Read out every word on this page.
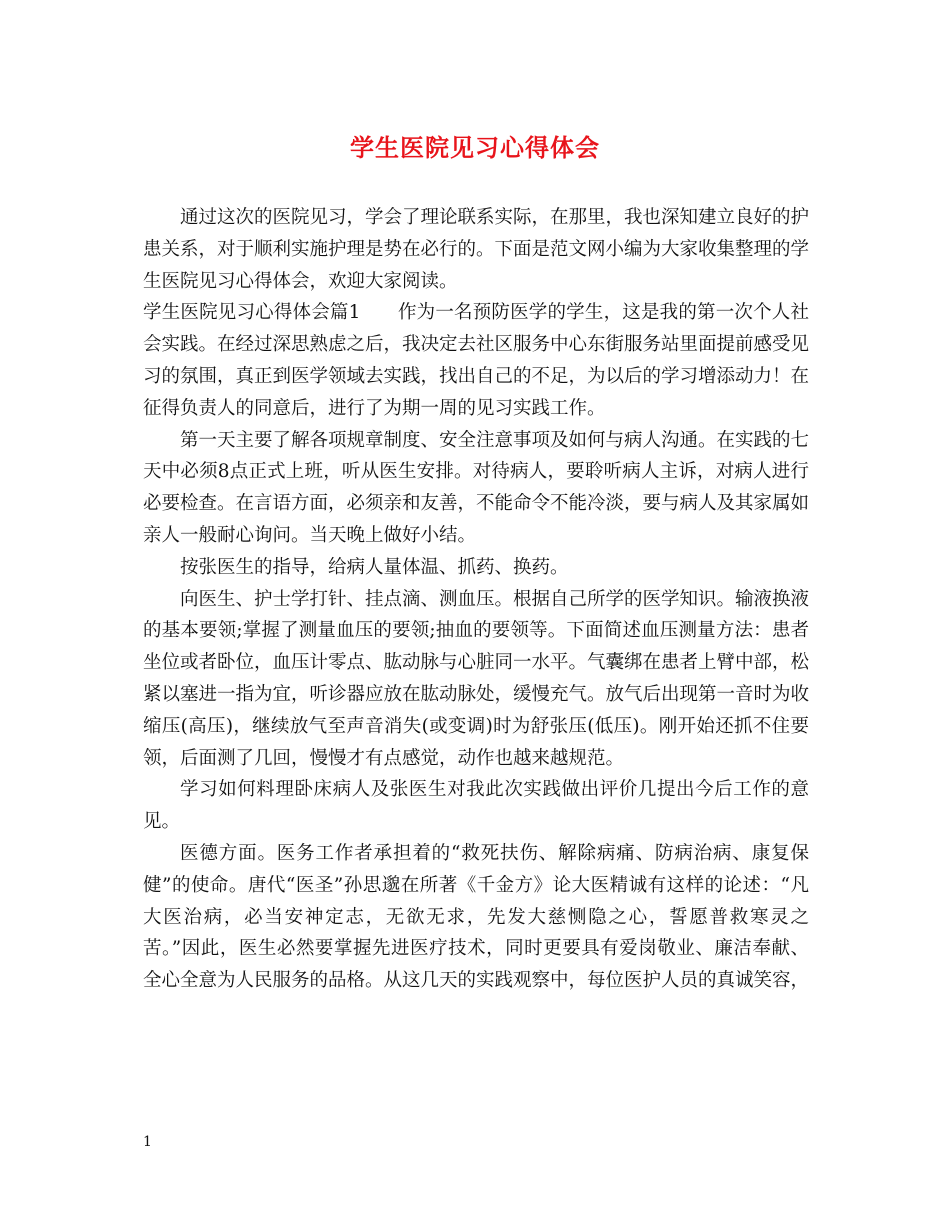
学生医院见习心得体会

通过这次的医院见习，学会了理论联系实际，在那里，我也深知建立良好的护患关系，对于顺利实施护理是势在必行的。下面是范文网小编为大家收集整理的学生医院见习心得体会，欢迎大家阅读。

学生医院见习心得体会篇1　　作为一名预防医学的学生，这是我的第一次个人社会实践。在经过深思熟虑之后，我决定去社区服务中心东街服务站里面提前感受见习的氛围，真正到医学领域去实践，找出自己的不足，为以后的学习增添动力！在征得负责人的同意后，进行了为期一周的见习实践工作。

第一天主要了解各项规章制度、安全注意事项及如何与病人沟通。在实践的七天中必须8点正式上班，听从医生安排。对待病人，要聆听病人主诉，对病人进行必要检查。在言语方面，必须亲和友善，不能命令不能冷淡，要与病人及其家属如亲人一般耐心询问。当天晚上做好小结。

按张医生的指导，给病人量体温、抓药、换药。

向医生、护士学打针、挂点滴、测血压。根据自己所学的医学知识。输液换液的基本要领;掌握了测量血压的要领;抽血的要领等。下面简述血压测量方法：患者坐位或者卧位，血压计零点、肱动脉与心脏同一水平。气囊绑在患者上臂中部，松紧以塞进一指为宜，听诊器应放在肱动脉处，缓慢充气。放气后出现第一音时为收缩压(高压)，继续放气至声音消失(或变调)时为舒张压(低压)。刚开始还抓不住要领，后面测了几回，慢慢才有点感觉，动作也越来越规范。

学习如何料理卧床病人及张医生对我此次实践做出评价几提出今后工作的意见。

医德方面。医务工作者承担着的“救死扶伤、解除病痛、防病治病、康复保健”的使命。唐代“医圣”孙思邈在所著《千金方》论大医精诚有这样的论述：“凡大医治病，必当安神定志，无欲无求，先发大慈恻隐之心，誓愿普救寒灵之苦。”因此，医生必然要掌握先进医疗技术，同时更要具有爱岗敬业、廉洁奉献、全心全意为人民服务的品格。从这几天的实践观察中，每位医护人员的真诚笑容，

1
